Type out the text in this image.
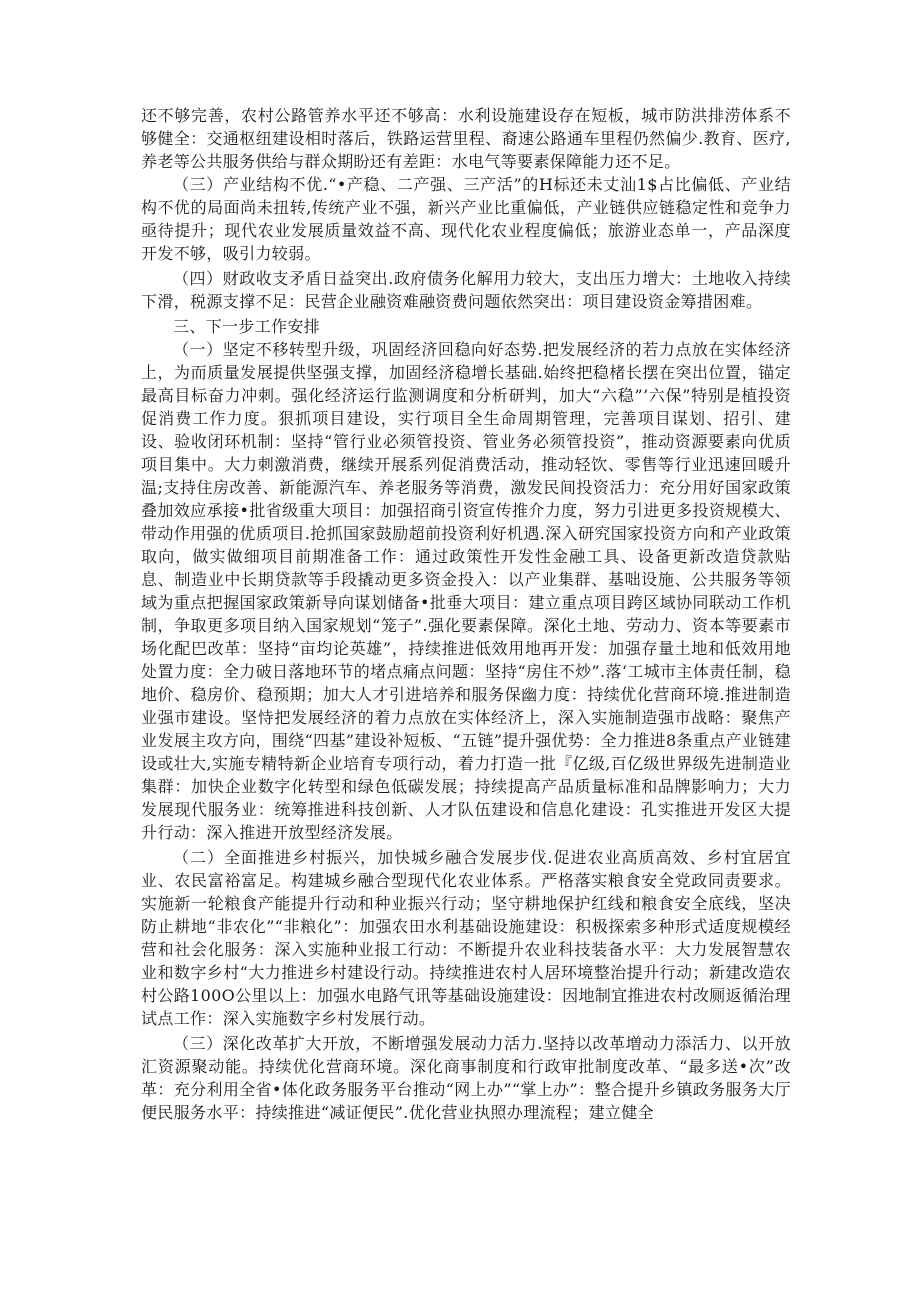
还不够完善，农村公路管养水平还不够高：水利设施建设存在短板，城市防洪排涝体系不够健全：交通枢纽建设相时落后，铁路运营里程、裔速公路通车里程仍然偏少.教育、医疗,养老等公共服务供给与群众期盼还有差距：水电气等要素保障能力还不足。

（三）产业结构不优.“•产稳、二产强、三产活”的H标还未丈汕1$占比偏低、产业结构不优的局面尚未扭转,传统产业不强，新兴产业比重偏低，产业链供应链稳定性和竞争力亟待提升；现代农业发展质量效益不高、现代化农业程度偏低；旅游业态单一，产品深度开发不够，吸引力较弱。

（四）财政收支矛盾日益突出.政府债务化解用力较大，支出压力增大：土地收入持续下滑，税源支撑不足：民营企业融资难融资费问题依然突出：项目建设资金筹措困难。

三、下一步工作安排

（一）坚定不移转型升级，巩固经济回稳向好态势.把发展经济的若力点放在实体经济上，为而质量发展提供坚强支撑，加固经济稳增长基础.始终把稳楮长摆在突出位置，锚定最高目标奋力冲刺。强化经济运行监测调度和分析研判，加大“六稳”’六保”特别是植投资促消费工作力度。狠抓项目建设，实行项目全生命周期管理，完善项目谋划、招引、建设、验收闭环机制：坚持“管行业必须管投资、管业务必须管投资”，推动资源要素向优质项目集中。大力刺激消费，继续开展系列促消费活动，推动轻饮、零售等行业迅速回暖升温;支持住房改善、新能源汽车、养老服务等消费，激发民间投资活力：充分用好国家政策叠加效应承接•批省级重大项目：加强招商引资宣传推介力度，努力引进更多投资规模大、带动作用强的优质项目.抢抓国家鼓励超前投资利好机遇.深入研究国家投资方向和产业政策取向，做实做细项目前期准备工作：通过政策性开发性金融工具、设备更新改造贷款贴息、制造业中长期贷款等手段撬动更多资金投入：以产业集群、基咄设施、公共服务等领域为重点把握国家政策新导向谋划储备•批垂大项目：建立重点项目跨区域协同联动工作机制，争取更多项目纳入国家规划“笼子”.强化要素保障。深化土地、劳动力、资本等要素市场化配巴改革：坚持“亩均论英雄”，持续推进低效用地再开发：加强存量土地和低效用地处置力度：全力破日落地环节的堵点痛点问题：坚持“房住不炒”.落‘工城市主体责任制，稳地价、稳房价、稳预期；加大人才引进培养和服务保幽力度：持续优化营商环境.推进制造业强市建设。坚恃把发展经济的着力点放在实体经济上，深入实施制造强市战略：聚焦产业发展主攻方向，围绕“四基”建设补短板、“五链”提升强优势：全力推进8条重点产业链建设或壮大,实施专精特新企业培育专项行动，着力打造一批『亿级,百亿级世界级先进制造业集群：加快企业数字化转型和绿色低碳发展；持续提高产品质量标准和品牌影响力；大力发展现代服务业：统筹推进科技创新、人才队伍建设和信息化建设：孔实推进开发区大提升行动：深入推进开放型经济发展。

（二）全面推进乡村振兴，加快城乡融合发展步伐.促进农业高质高效、乡村宜居宜业、农民富裕富足。构建城乡融合型现代化农业体系。严格落实粮食安全党政同责要求。实施新一轮粮食产能提升行动和种业振兴行动；坚守耕地保护红线和粮食安全底线，坚决防止耕地“非农化”“非粮化”：加强农田水利基础设施建设：积极探索多种形式适度规模经营和社会化服务：深入实施种业报工行动：不断提升农业科技装备水平：大力发展智慧农业和数字乡村“大力推进乡村建设行动。持续推进农村人居环境整治提升行动；新建改造农村公路100O公里以上：加强水电路气讯等基础设施建设：因地制宜推进农村改厕返循治理试点工作：深入实施数字乡村发展行动。

（三）深化改革扩大开放，不断增强发展动力活力.坚持以改革増动力添活力、以开放汇资源聚动能。持续优化营商环境。深化商事制度和行政审批制度改革、“最多送•次”改革：充分利用全省•体化政务服务平台推动“网上办”“掌上办”：整合提升乡镇政务服务大厅便民服务水平：持续推进“减证便民”.优化营业执照办理流程；建立健全
